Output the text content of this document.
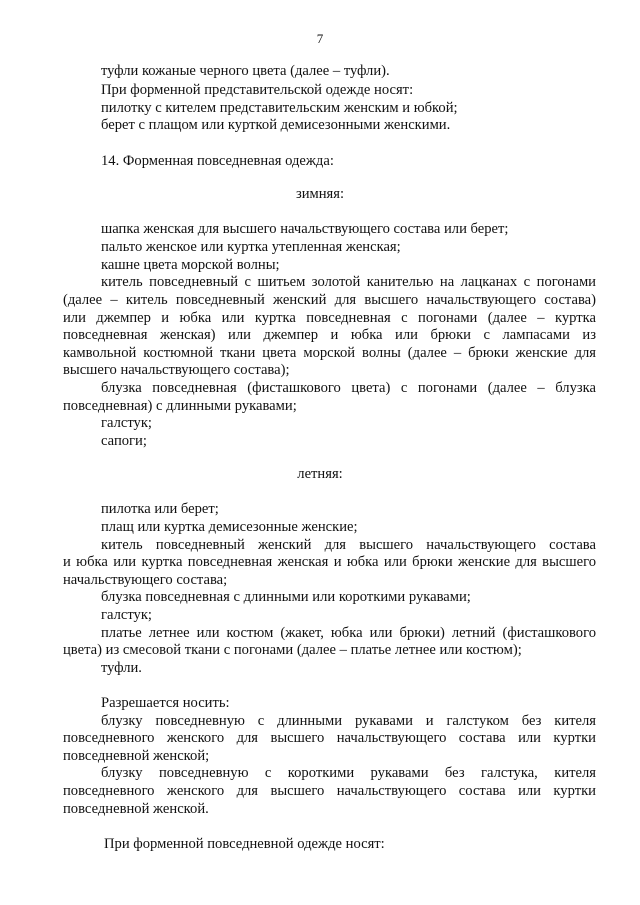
7
туфли кожаные черного цвета (далее – туфли).
При форменной представительской одежде носят:
пилотку с кителем представительским женским и юбкой;
берет с плащом или курткой демисезонными женскими.
14. Форменная повседневная одежда:
зимняя:
шапка женская для высшего начальствующего состава или берет;
пальто женское или куртка утепленная женская;
кашне цвета морской волны;
китель повседневный с шитьем золотой канителью на лацканах с погонами
(далее – китель повседневный женский для высшего начальствующего состава)
или джемпер и юбка или куртка повседневная с погонами (далее – куртка
повседневная женская) или джемпер и юбка или брюки с лампасами из
камвольной костюмной ткани цвета морской волны (далее – брюки женские для
высшего начальствующего состава);
блузка повседневная (фисташкового цвета) с погонами (далее – блузка
повседневная) с длинными рукавами;
галстук;
сапоги;
летняя:
пилотка или берет;
плащ или куртка демисезонные женские;
китель повседневный женский для высшего начальствующего состава
и юбка или куртка повседневная женская и юбка или брюки женские для высшего
начальствующего состава;
блузка повседневная с длинными или короткими рукавами;
галстук;
платье летнее или костюм (жакет, юбка или брюки) летний (фисташкового
цвета) из смесовой ткани с погонами (далее – платье летнее или костюм);
туфли.
Разрешается носить:
блузку повседневную с длинными рукавами и галстуком без кителя
повседневного женского для высшего начальствующего состава или куртки
повседневной женской;
блузку повседневную с короткими рукавами без галстука, кителя
повседневного женского для высшего начальствующего состава или куртки
повседневной женской.
При форменной повседневной одежде носят:
